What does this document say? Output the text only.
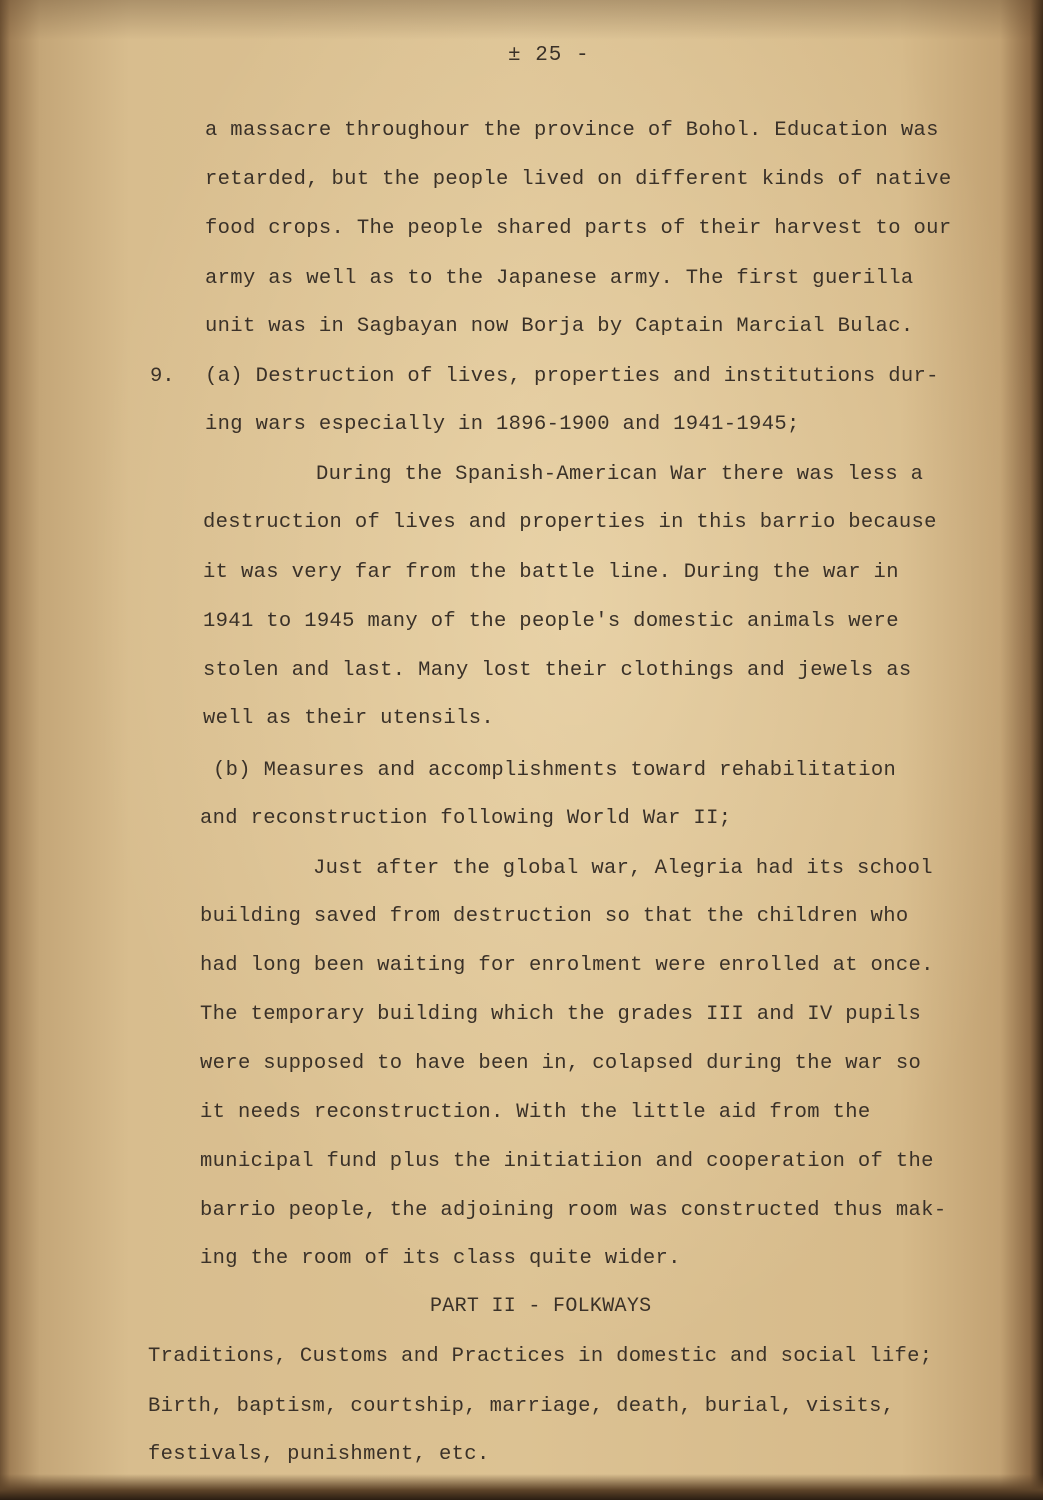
± 25 -
a massacre throughour the province of Bohol. Education was
retarded, but the people lived on different kinds of native
food crops. The people shared parts of their harvest to our
army as well as to the Japanese army. The first guerilla
unit was in Sagbayan now Borja by Captain Marcial Bulac.
9. (a) Destruction of lives, properties and institutions dur-
ing wars especially in 1896-1900 and 1941-1945;
During the Spanish-American War there was less a
destruction of lives and properties in this barrio because
it was very far from the battle line. During the war in
1941 to 1945 many of the people's domestic animals were
stolen and last. Many lost their clothings and jewels as
well as their utensils.
(b) Measures and accomplishments toward rehabilitation
and reconstruction following World War II;
Just after the global war, Alegria had its school
building saved from destruction so that the children who
had long been waiting for enrolment were enrolled at once.
The temporary building which the grades III and IV pupils
were supposed to have been in, colapsed during the war so
it needs reconstruction. With the little aid from the
municipal fund plus the initiatiion and cooperation of the
barrio people, the adjoining room was constructed thus mak-
ing the room of its class quite wider.
PART II - FOLKWAYS
Traditions, Customs and Practices in domestic and social life;
Birth, baptism, courtship, marriage, death, burial, visits,
festivals, punishment, etc.
